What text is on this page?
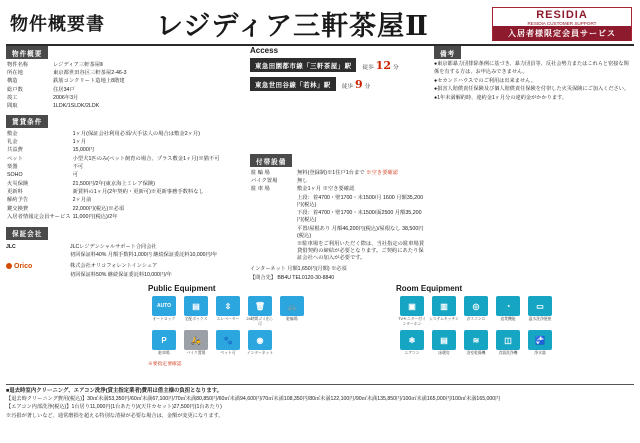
物件概要書 レジディア三軒茶屋Ⅱ	RESIDIA
RESIDIA CUSTOMER SUPPORT
入居者様限定会員サービス
物件概要
物件名称	レジディア三軒茶屋Ⅱ
所在地	東京都世田谷区三軒茶屋2-46-3
構造	鉄筋コンクリート造地上8階建
総戸数	住居34戸
竣工	2006年3月
間取	1LDK/1SLDK/2LDK
賃貸条件
敷金	1ヶ月(保証会社利用必須/大手法人の場合は敷金2ヶ月)
礼金	1ヶ月
共益費	15,000円
ペット	小型犬1匹のみ(ペット飼育の場合、プラス敷金1ヶ月)※猫不可
楽器	不可
SOHO	可
火災保険	21,500円/2年(東京海上ミレア保険)
更新料	新賃料の1ヶ月(2年契約・更新可)※更新事務手数料なし
解約予告	2ヶ月前
鍵交換費	22,000円(税込)※必須
入居者情報定会員サービス	11,000円(税込)/2年
保証会社
JLC	JLCレジデンシャルサポート合同会社
初回保証料40% 月額手数料1,000円 継続保証委託料10,000円/年
Orico	株式会社オリコフォレントインシュア
初回保証料50% 継続保証委託料10,000円/年
Access
東急田園都市線「三軒茶屋」駅	徒歩 12 分
東急世田谷線「若林」駅	徒歩 9 分
付帯設備
駐 輪 場	無料(登録制)※1住戸1台まで ※空き要確認
バイク置場	無し
駐 車 場	敷金1ヶ月 ※空き要確認
	上段：着4700・壁1700・未1500/月 1600 月額35,200円(税込)
	下段：着4700・壁1700・未1500/面2500 月額35,200円(税込)
	平置/屋根あり 月額46,200円(税込)/屋根なし 38,500円(税込)
	※駐車場をご利用いただく際は、当社指定の駐車場賃貸借契約の締結が必要となります。ご契約にあたり保証会社への加入が必要です。
インターネット 月額1,650円(月額) ※必須
【問合先】 BB4U TEL0120-30-8840
備考
●東京都暴力団排除条例に基づき、暴力団員等、反社会勢力またはこれらと密接な関係を有する方は、お申込みできません。
●セカンドハウスでのご利用は出来ません。
●損害人賠償責任保険及び個人賠償責任保険を付帯した火災保険にご加入ください。
●1年未満解約時、違約金1ヶ月分の違約金がかかります。
Public Equipment
AUTO
オートロック
▤
宅配ボックス
⇳
エレベーター
🗑
24時間ゴミ出し可
🚲
駐輪場
P
駐車場
🛵
バイク置場
🐾
ペット可
◉
インターネット
※要指定要確認
Room Equipment
▣
TVモニター付インターホン
▥
システムキッチン
◎
ガスコンロ
◔
追焚機能
▭
温水洗浄便座
❄
エアコン
▤
床暖房
≋
浴室乾燥機
◫
食器洗浄機
🚰
浄水器
■退去時室内クリーニング、エアコン洗浄(貸主指定業者)費用は借主様の負担となります。
【退去時クリーニング費用(税込)】30㎡未満53,350円/60㎡未満67,100円/70㎡未満80,850円/60㎡未満94,600円/70㎡未満108,350円/80㎡未満122,100円/90㎡未満135,850円/100㎡未満165,000円/100㎡未満165,000円
【エアコン内部洗浄(税込)】1台居り11,000円(1台あたり)/(天井カセット)27,500円(1台あたり)
※汚損が著しいなど、通常磨損を超える特別な清掃が必要な場合は、金額が変更になります。
